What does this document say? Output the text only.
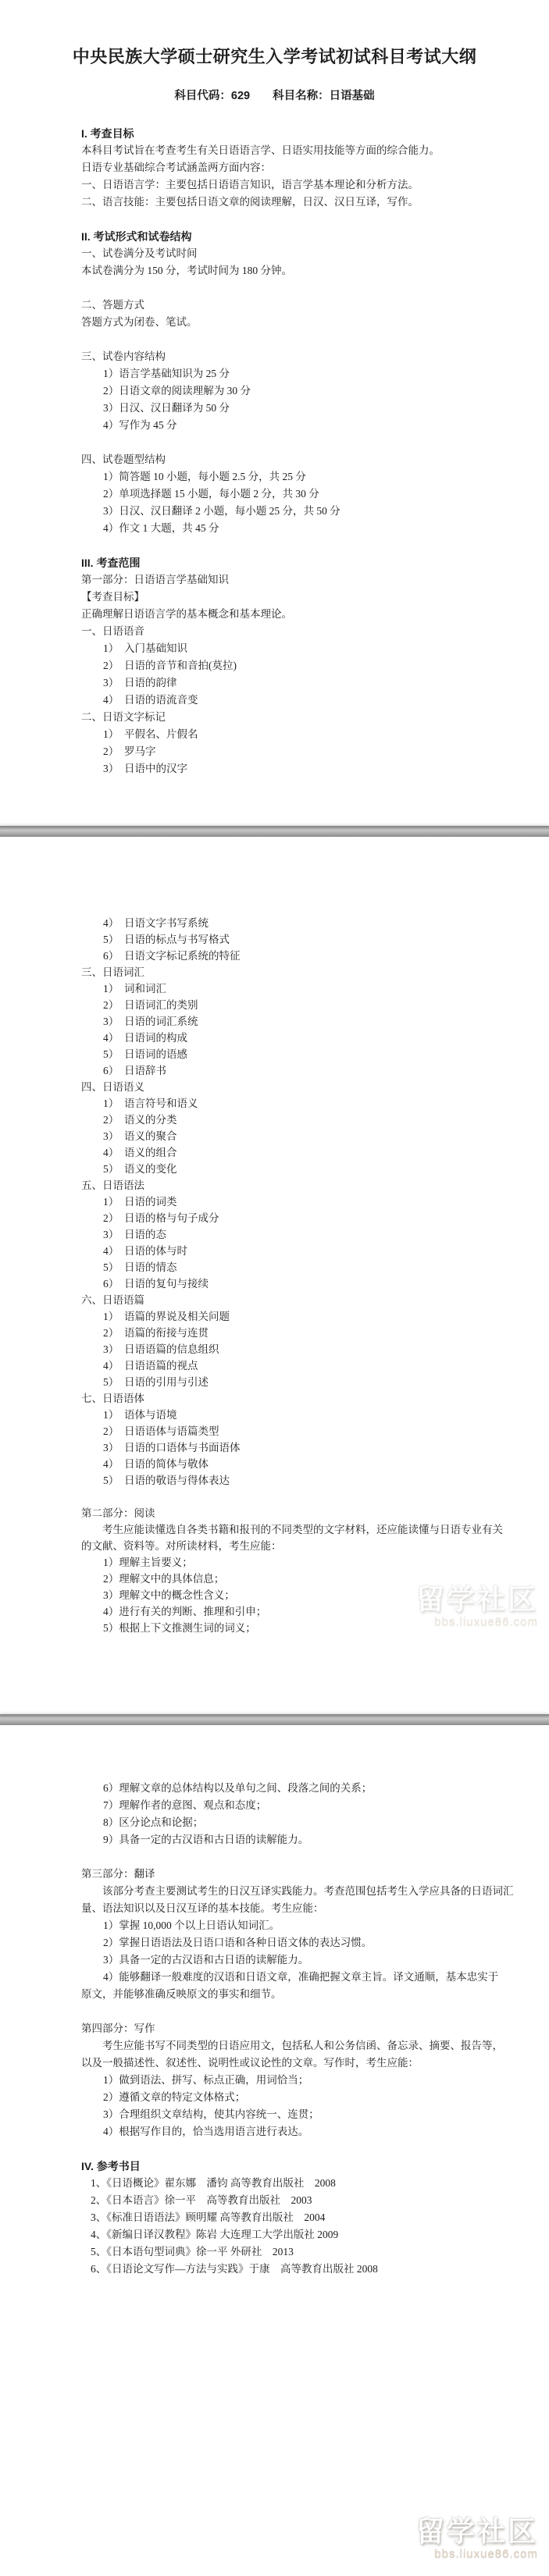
中央民族大学硕士研究生入学考试初试科目考试大纲
科目代码：629　　科目名称：日语基础
I. 考查目标
本科目考试旨在考查考生有关日语语言学、日语实用技能等方面的综合能力。
日语专业基础综合考试涵盖两方面内容：
一、日语语言学：主要包括日语语言知识，语言学基本理论和分析方法。
二、语言技能：主要包括日语文章的阅读理解，日汉、汉日互译，写作。
II. 考试形式和试卷结构
一、试卷满分及考试时间
本试卷满分为 150 分，考试时间为 180 分钟。
二、答题方式
答题方式为闭卷、笔试。
三、试卷内容结构
1）语言学基础知识为 25 分
2）日语文章的阅读理解为 30 分
3）日汉、汉日翻译为 50 分
4）写作为 45 分
四、试卷题型结构
1）简答题 10 小题，每小题 2.5 分，共 25 分
2）单项选择题 15 小题，每小题 2 分，共 30 分
3）日汉、汉日翻译 2 小题，每小题 25 分，共 50 分
4）作文 1 大题，共 45 分
III. 考查范围
第一部分：日语语言学基础知识
【考查目标】
正确理解日语语言学的基本概念和基本理论。
一、日语语音
1）　入门基础知识
2）　日语的音节和音拍(莫拉)
3）　日语的韵律
4）　日语的语流音变
二、日语文字标记
1）　平假名、片假名
2）　罗马字
3）　日语中的汉字
4）　日语文字书写系统
5）　日语的标点与书写格式
6）　日语文字标记系统的特征
三、日语词汇
1）　词和词汇
2）　日语词汇的类别
3）　日语的词汇系统
4）　日语词的构成
5）　日语词的语感
6）　日语辞书
四、日语语义
1）　语言符号和语义
2）　语义的分类
3）　语义的聚合
4）　语义的组合
5）　语义的变化
五、日语语法
1）　日语的词类
2）　日语的格与句子成分
3）　日语的态
4）　日语的体与时
5）　日语的情态
6）　日语的复句与接续
六、日语语篇
1）　语篇的界说及相关问题
2）　语篇的衔接与连贯
3）　日语语篇的信息组织
4）　日语语篇的视点
5）　日语的引用与引述
七、日语语体
1）　语体与语境
2）　日语语体与语篇类型
3）　日语的口语体与书面语体
4）　日语的简体与敬体
5）　日语的敬语与得体表达
第二部分：阅读
　　考生应能读懂选自各类书籍和报刊的不同类型的文字材料，还应能读懂与日语专业有关
的文献、资料等。对所读材料，考生应能：
1）理解主旨要义；
2）理解文中的具体信息；
3）理解文中的概念性含义；
4）进行有关的判断、推理和引申；
5）根据上下文推测生词的词义；
6）理解文章的总体结构以及单句之间、段落之间的关系；
7）理解作者的意图、观点和态度；
8）区分论点和论据；
9）具备一定的古汉语和古日语的读解能力。
第三部分：翻译
　　该部分考查主要测试考生的日汉互译实践能力。考查范围包括考生入学应具备的日语词汇
量、语法知识以及日汉互译的基本技能。考生应能：
1）掌握 10,000 个以上日语认知词汇。
2）掌握日语语法及日语口语和各种日语文体的表达习惯。
3）具备一定的古汉语和古日语的读解能力。
4）能够翻译一般难度的汉语和日语文章，准确把握文章主旨。译文通顺，基本忠实于
原文，并能够准确反映原文的事实和细节。
第四部分：写作
　　考生应能书写不同类型的日语应用文，包括私人和公务信函、备忘录、摘要、报告等，
以及一般描述性、叙述性、说明性或议论性的文章。写作时，考生应能：
1）做到语法、拼写、标点正确，用词恰当；
2）遵循文章的特定文体格式；
3）合理组织文章结构，使其内容统一、连贯；
4）根据写作目的，恰当选用语言进行表达。
IV. 参考书目
1、《日语概论》翟东娜　潘钧 高等教育出版社　2008
2、《日本语言》徐一平　高等教育出版社　2003
3、《标准日语语法》顾明耀 高等教育出版社　2004
4、《新编日译汉教程》陈岩 大连理工大学出版社 2009
5、《日本语句型词典》徐一平 外研社　2013
6、《日语论文写作—方法与实践》于康　高等教育出版社 2008
留学社区
bbs.liuxue86.com
留学社区
bbs.liuxue86.com
